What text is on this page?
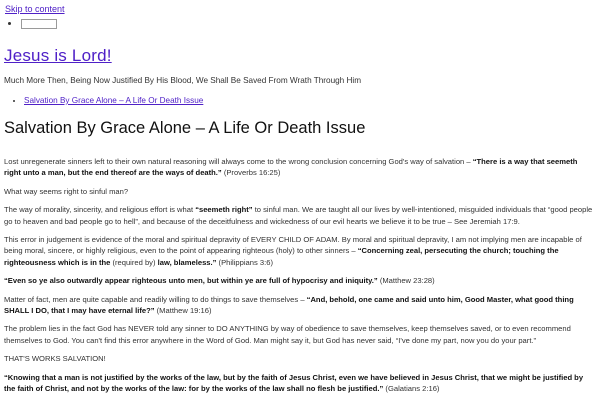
Skip to content
•
Jesus is Lord!

Much More Then, Being Now Justified By His Blood, We Shall Be Saved From Wrath Through Him

• Salvation By Grace Alone – A Life Or Death Issue
Salvation By Grace Alone – A Life Or Death Issue

Lost unregenerate sinners left to their own natural reasoning will always come to the wrong conclusion concerning God's way of salvation – “There is a way that seemeth right unto a man, but the end thereof are the ways of death.” (Proverbs 16:25)

What way seems right to sinful man?

The way of morality, sincerity, and religious effort is what “seemeth right” to sinful man. We are taught all our lives by well-intentioned, misguided individuals that “good people go to heaven and bad people go to hell”, and because of the deceitfulness and wickedness of our evil hearts we believe it to be true – See Jeremiah 17:9.

This error in judgement is evidence of the moral and spiritual depravity of EVERY CHILD OF ADAM. By moral and spiritual depravity, I am not implying men are incapable of being moral, sincere, or highly religious, even to the point of appearing righteous (holy) to other sinners – “Concerning zeal, persecuting the church; touching the righteousness which is in the (required by) law, blameless.” (Philippians 3:6)

“Even so ye also outwardly appear righteous unto men, but within ye are full of hypocrisy and iniquity.” (Matthew 23:28)

Matter of fact, men are quite capable and readily willing to do things to save themselves – “And, behold, one came and said unto him, Good Master, what good thing SHALL I DO, that I may have eternal life?” (Matthew 19:16)

The problem lies in the fact God has NEVER told any sinner to DO ANYTHING by way of obedience to save themselves, keep themselves saved, or to even recommend themselves to God. You can't find this error anywhere in the Word of God. Man might say it, but God has never said, “I've done my part, now you do your part.”

THAT'S WORKS SALVATION!

“Knowing that a man is not justified by the works of the law, but by the faith of Jesus Christ, even we have believed in Jesus Christ, that we might be justified by the faith of Christ, and not by the works of the law: for by the works of the law shall no flesh be justified.” (Galatians 2:16)
